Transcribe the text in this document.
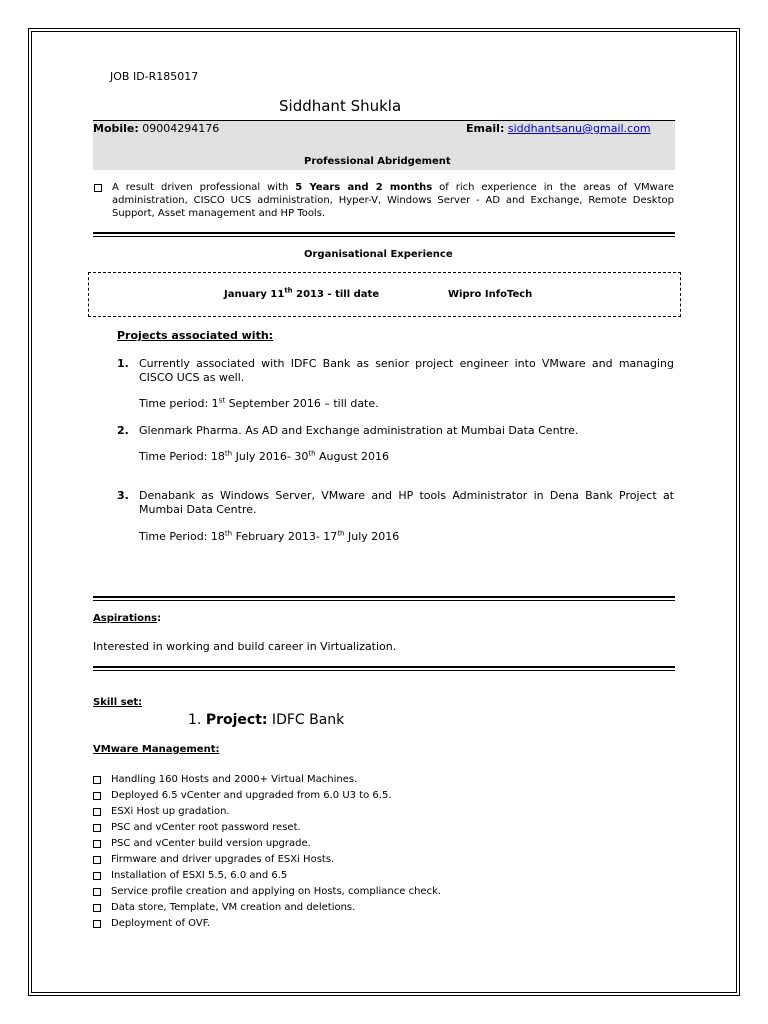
JOB ID-R185017
Siddhant Shukla
Mobile: 09004294176	Email: siddhantsanu@gmail.com
Professional Abridgement
A result driven professional with 5 Years and 2 months of rich experience in the areas of VMware administration, CISCO UCS administration, Hyper-V, Windows Server - AD and Exchange, Remote Desktop Support, Asset management and HP Tools.
Organisational Experience
January 11th 2013 - till date	Wipro InfoTech
Projects associated with:
1. Currently associated with IDFC Bank as senior project engineer into VMware and managing CISCO UCS as well.
Time period: 1st September 2016 – till date.
2. Glenmark Pharma. As AD and Exchange administration at Mumbai Data Centre.
Time Period: 18th July 2016- 30th August 2016
3. Denabank as Windows Server, VMware and HP tools Administrator in Dena Bank Project at Mumbai Data Centre.
Time Period: 18th February 2013- 17th July 2016
Aspirations:
Interested in working and build career in Virtualization.
Skill set:
1. Project: IDFC Bank
VMware Management:
Handling 160 Hosts and 2000+ Virtual Machines.
Deployed 6.5 vCenter and upgraded from 6.0 U3 to 6.5.
ESXi Host up gradation.
PSC and vCenter root password reset.
PSC and vCenter build version upgrade.
Firmware and driver upgrades of ESXi Hosts.
Installation of ESXI 5.5, 6.0 and 6.5
Service profile creation and applying on Hosts, compliance check.
Data store, Template, VM creation and deletions.
Deployment of OVF.
